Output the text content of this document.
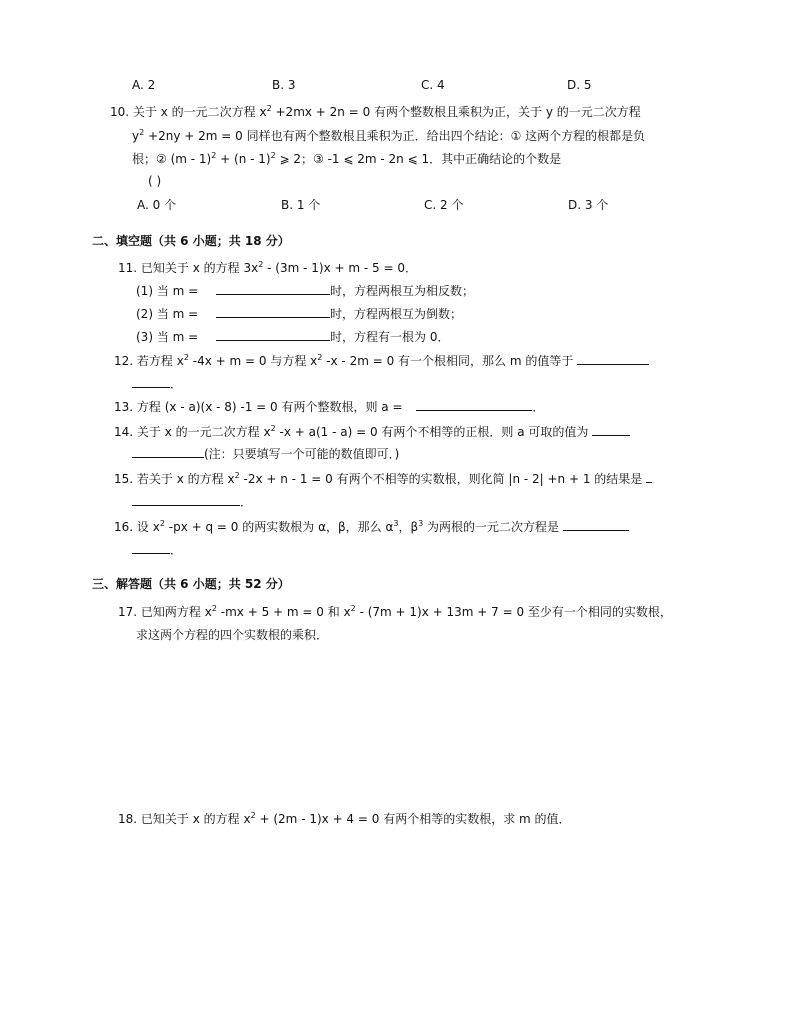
A. 2	B. 3	C. 4	D. 5
10. 关于 x 的一元二次方程 $x^2 +2mx + 2n = 0$ 有两个整数根且乘积为正，关于 y 的一元二次方程
$y^2 +2ny + 2m = 0$ 同样也有两个整数根且乘积为正．给出四个结论：① 这两个方程的根都是负
根；② (m - 1)$^2$ + (n - 1)$^2$ ⩾ 2；③ -1 ⩽ 2m - 2n ⩽ 1．其中正确结论的个数是
( )
A. 0 个	B. 1 个	C. 2 个	D. 3 个
二、填空题（共 6 小题；共 18 分）
11. 已知关于 x 的方程 $3x^2 - (3m - 1)x + m - 5 = 0$．
(1) 当 m =	时，方程两根互为相反数；
(2) 当 m =	时，方程两根互为倒数；
(3) 当 m =	时，方程有一根为 0．
12. 若方程 $x^2$ -4x + m = 0 与方程 $x^2$ -x - 2m = 0 有一个根相同，那么 m 的值等于
．
13. 方程 (x - a)(x - 8) -1 = 0 有两个整数根，则 a =	．
14. 关于 x 的一元二次方程 $x^2$ -x + a(1 - a) = 0 有两个不相等的正根．则 a 可取的值为
(注：只要填写一个可能的数值即可．)
15. 若关于 x 的方程 $x^2$ -2x + n - 1 = 0 有两个不相等的实数根，则化简 |n - 2| +n + 1 的结果是
．
16. 设 $x^2$ -px + q = 0 的两实数根为 α，β，那么 $\alpha^3$，$\beta^3$ 为两根的一元二次方程是
．
三、解答题（共 6 小题；共 52 分）
17. 已知两方程 $x^2$ -mx + 5 + m = 0 和 $x^2 - (7m + 1)x + 13m + 7 = 0$ 至少有一个相同的实数根，
求这两个方程的四个实数根的乘积．
18. 已知关于 x 的方程 $x^2 + (2m - 1)x + 4 = 0$ 有两个相等的实数根，求 m 的值．
